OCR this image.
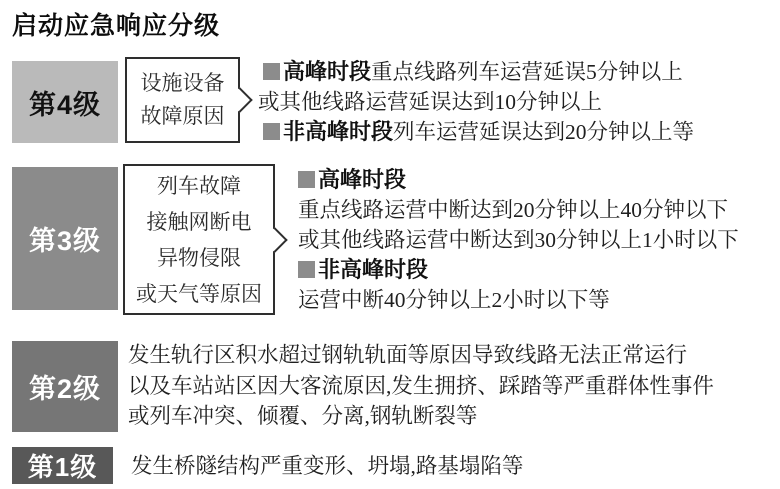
启动应急响应分级
第4级
设施设备
故障原因
高峰时段重点线路列车运营延误5分钟以上
或其他线路运营延误达到10分钟以上
非高峰时段列车运营延误达到20分钟以上等
第3级
列车故障
接触网断电
异物侵限
或天气等原因
高峰时段
重点线路运营中断达到20分钟以上40分钟以下
或其他线路运营中断达到30分钟以上1小时以下
非高峰时段
运营中断40分钟以上2小时以下等
第2级
发生轨行区积水超过钢轨轨面等原因导致线路无法正常运行
以及车站站区因大客流原因,发生拥挤、踩踏等严重群体性事件
或列车冲突、倾覆、分离,钢轨断裂等
第1级	发生桥隧结构严重变形、坍塌,路基塌陷等
